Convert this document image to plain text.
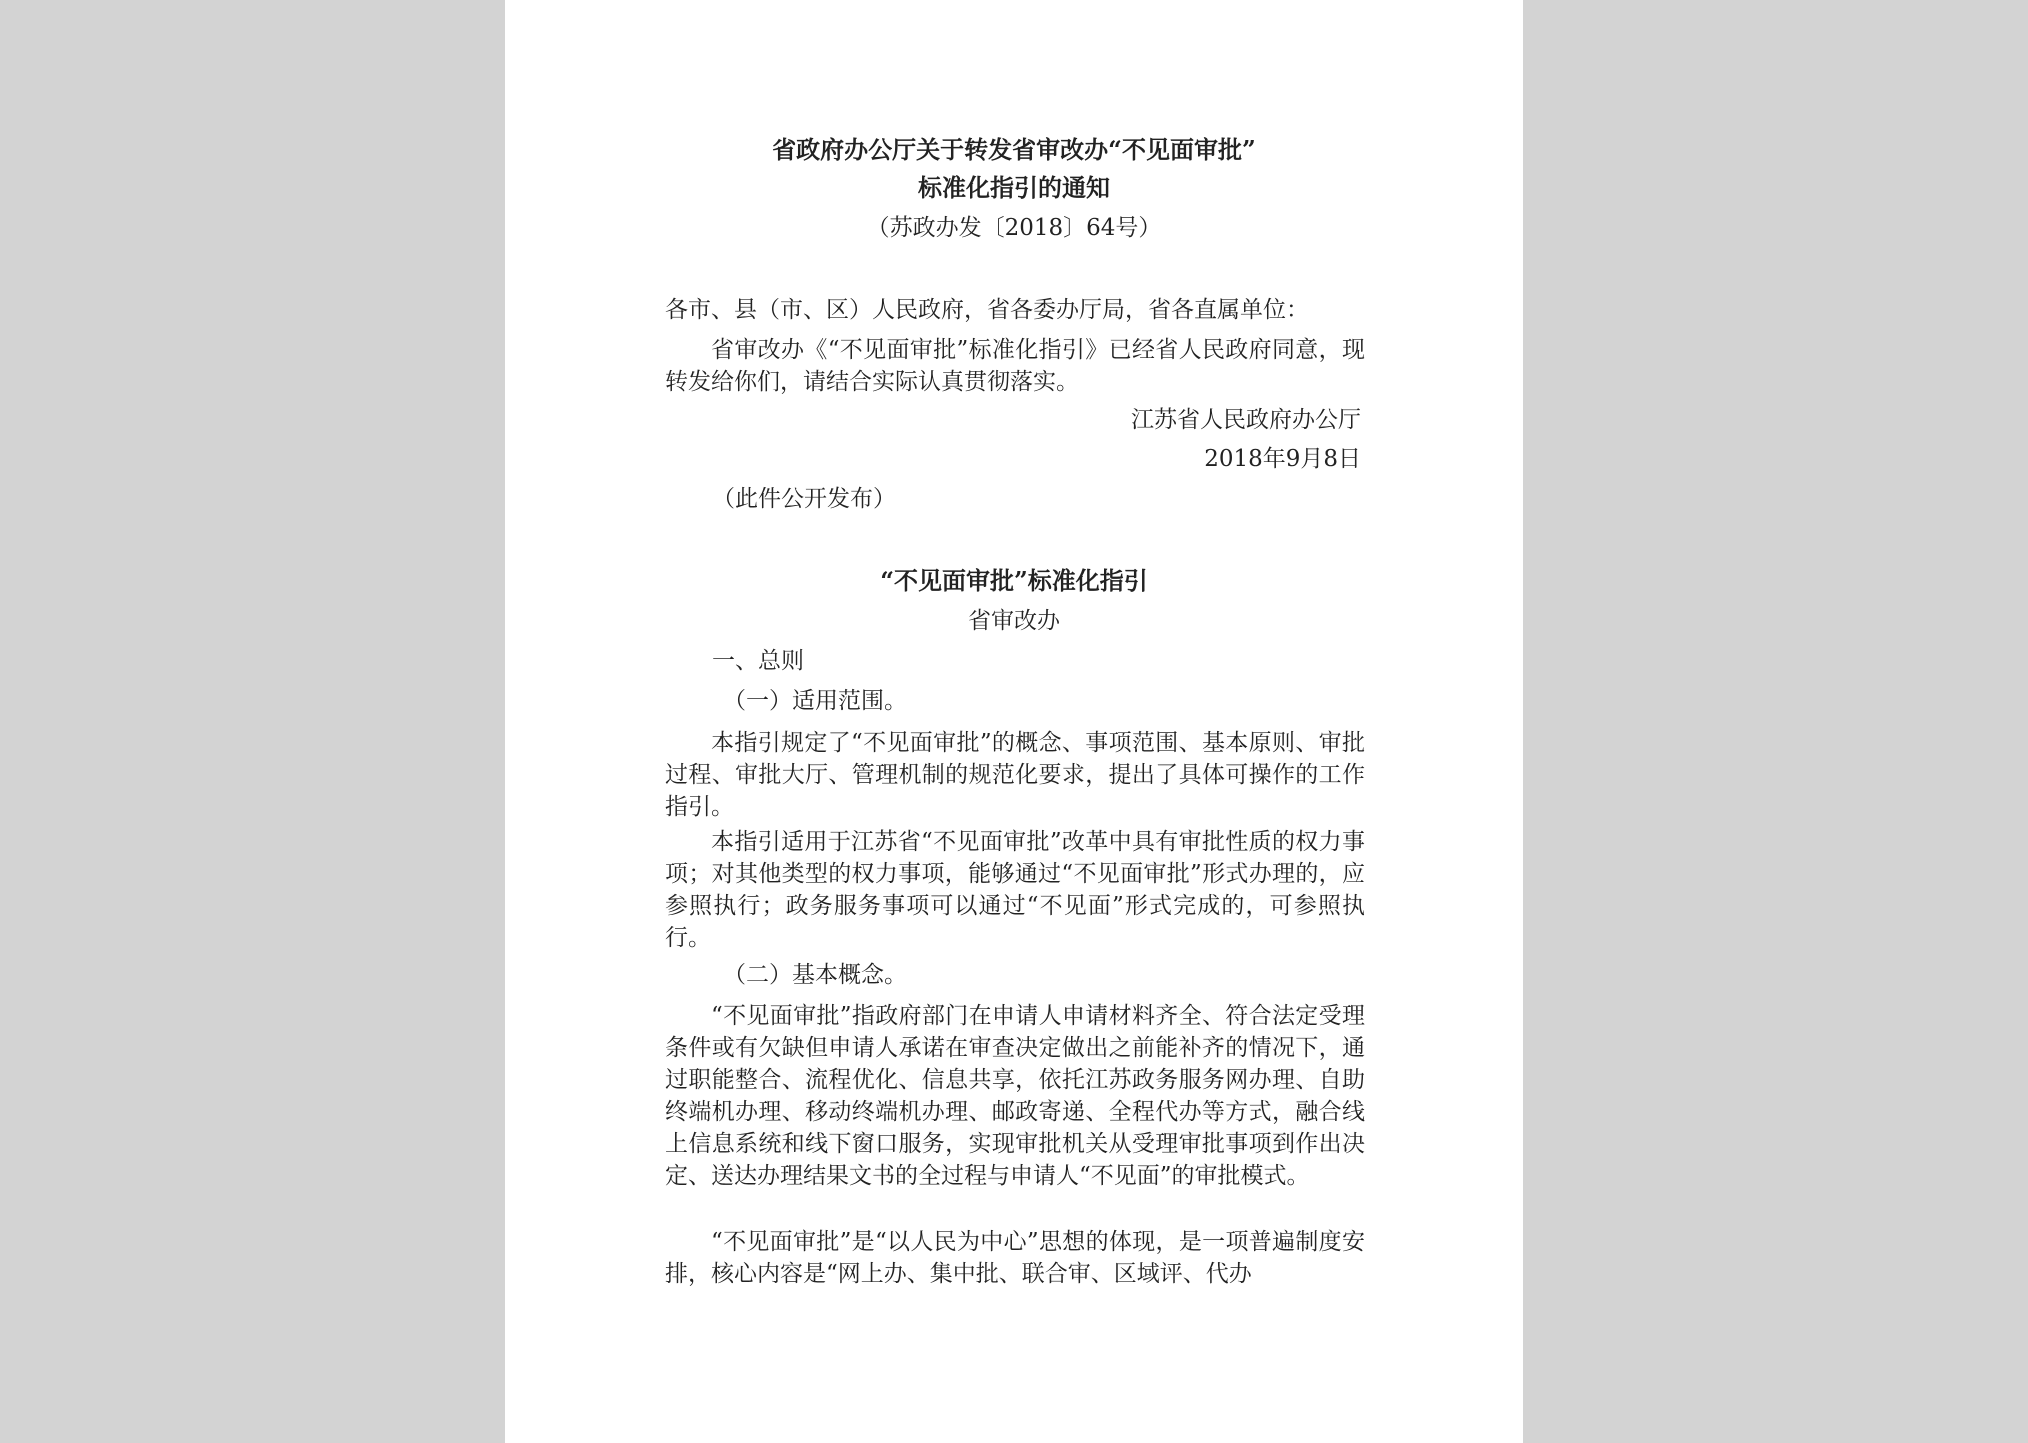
省政府办公厅关于转发省审改办“不见面审批”
标准化指引的通知
（苏政办发〔2018〕64号）
各市、县（市、区）人民政府，省各委办厅局，省各直属单位：

省审改办《“不见面审批”标准化指引》已经省人民政府同意，现转发给你们，请结合实际认真贯彻落实。

江苏省人民政府办公厅
2018年9月8日
（此件公开发布）
“不见面审批”标准化指引
省审改办
一、总则
（一）适用范围。

本指引规定了“不见面审批”的概念、事项范围、基本原则、审批过程、审批大厅、管理机制的规范化要求，提出了具体可操作的工作指引。

本指引适用于江苏省“不见面审批”改革中具有审批性质的权力事项；对其他类型的权力事项，能够通过“不见面审批”形式办理的，应参照执行；政务服务事项可以通过“不见面”形式完成的，可参照执行。

（二）基本概念。

“不见面审批”指政府部门在申请人申请材料齐全、符合法定受理条件或有欠缺但申请人承诺在审查决定做出之前能补齐的情况下，通过职能整合、流程优化、信息共享，依托江苏政务服务网办理、自助终端机办理、移动终端机办理、邮政寄递、全程代办等方式，融合线上信息系统和线下窗口服务，实现审批机关从受理审批事项到作出决定、送达办理结果文书的全过程与申请人“不见面”的审批模式。

“不见面审批”是“以人民为中心”思想的体现，是一项普遍制度安排，核心内容是“网上办、集中批、联合审、区域评、代办
